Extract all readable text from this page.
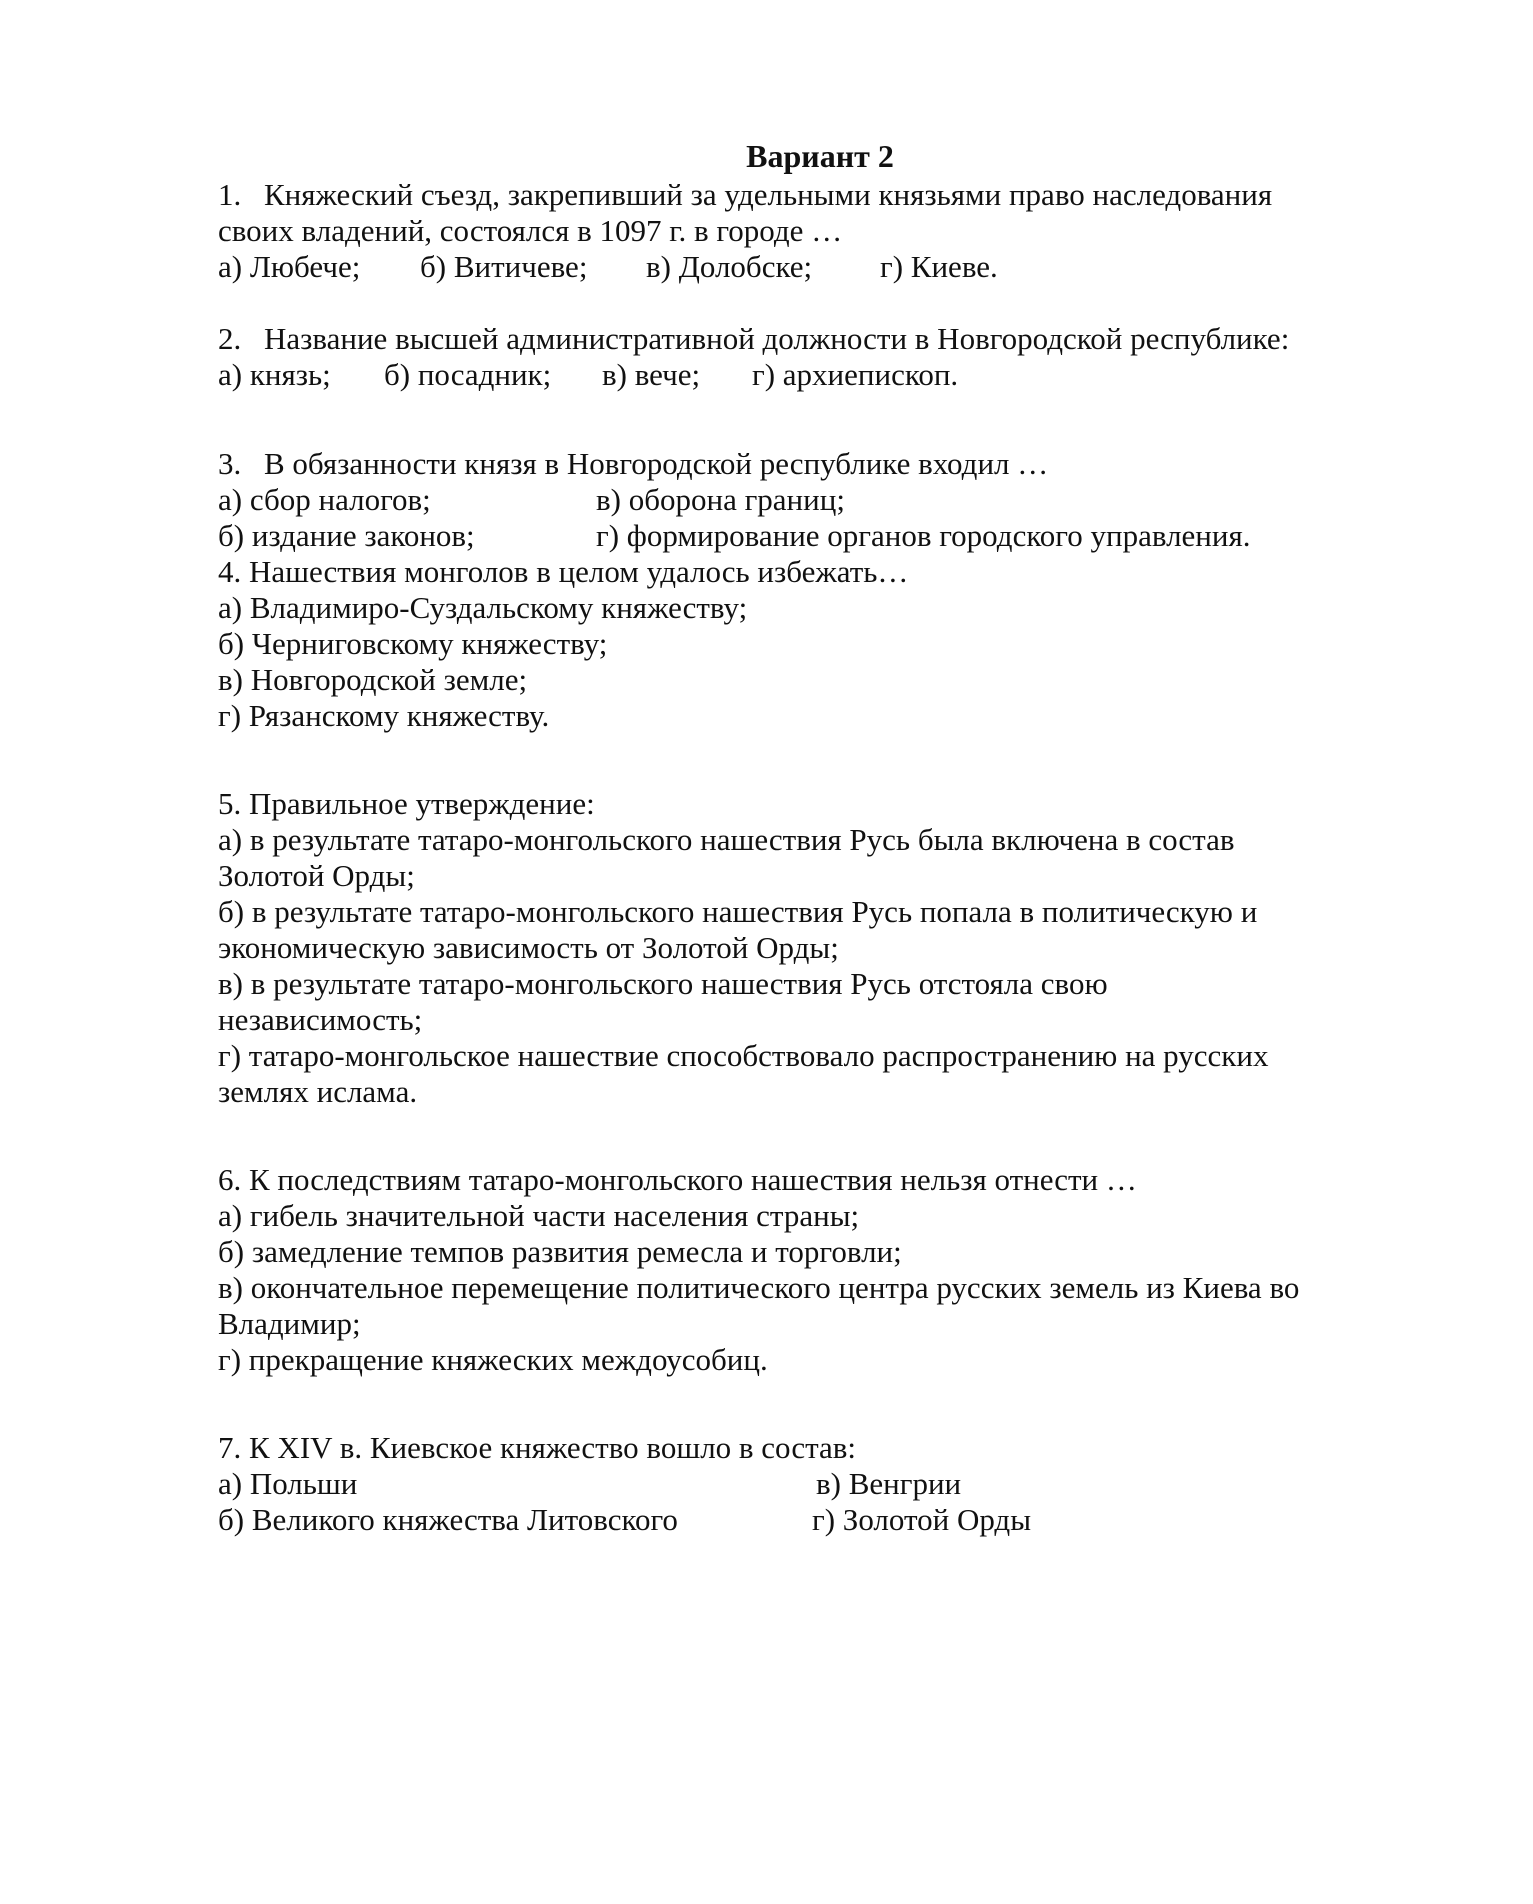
Вариант 2
1. Княжеский съезд, закрепивший за удельными князьями право наследования
своих владений, состоялся в 1097 г. в городе …
а) Любече; б) Витичеве; в) Долобске; г) Киеве.
2. Название высшей административной должности в Новгородской республике:
а) князь; б) посадник; в) вече; г) архиепископ.
3. В обязанности князя в Новгородской республике входил …
а) сбор налогов;	в) оборона границ;
б) издание законов;	г) формирование органов городского управления.
4. Нашествия монголов в целом удалось избежать…
а) Владимиро-Суздальскому княжеству;
б) Черниговскому княжеству;
в) Новгородской земле;
г) Рязанскому княжеству.
5. Правильное утверждение:
а) в результате татаро-монгольского нашествия Русь была включена в состав
Золотой Орды;
б) в результате татаро-монгольского нашествия Русь попала в политическую и
экономическую зависимость от Золотой Орды;
в) в результате татаро-монгольского нашествия Русь отстояла свою
независимость;
г) татаро-монгольское нашествие способствовало распространению на русских
землях ислама.
6. К последствиям татаро-монгольского нашествия нельзя отнести …
а) гибель значительной части населения страны;
б) замедление темпов развития ремесла и торговли;
в) окончательное перемещение политического центра русских земель из Киева во
Владимир;
г) прекращение княжеских междоусобиц.
7. К XIV в. Киевское княжество вошло в состав:
а) Польши	в) Венгрии
б) Великого княжества Литовского	г) Золотой Орды
